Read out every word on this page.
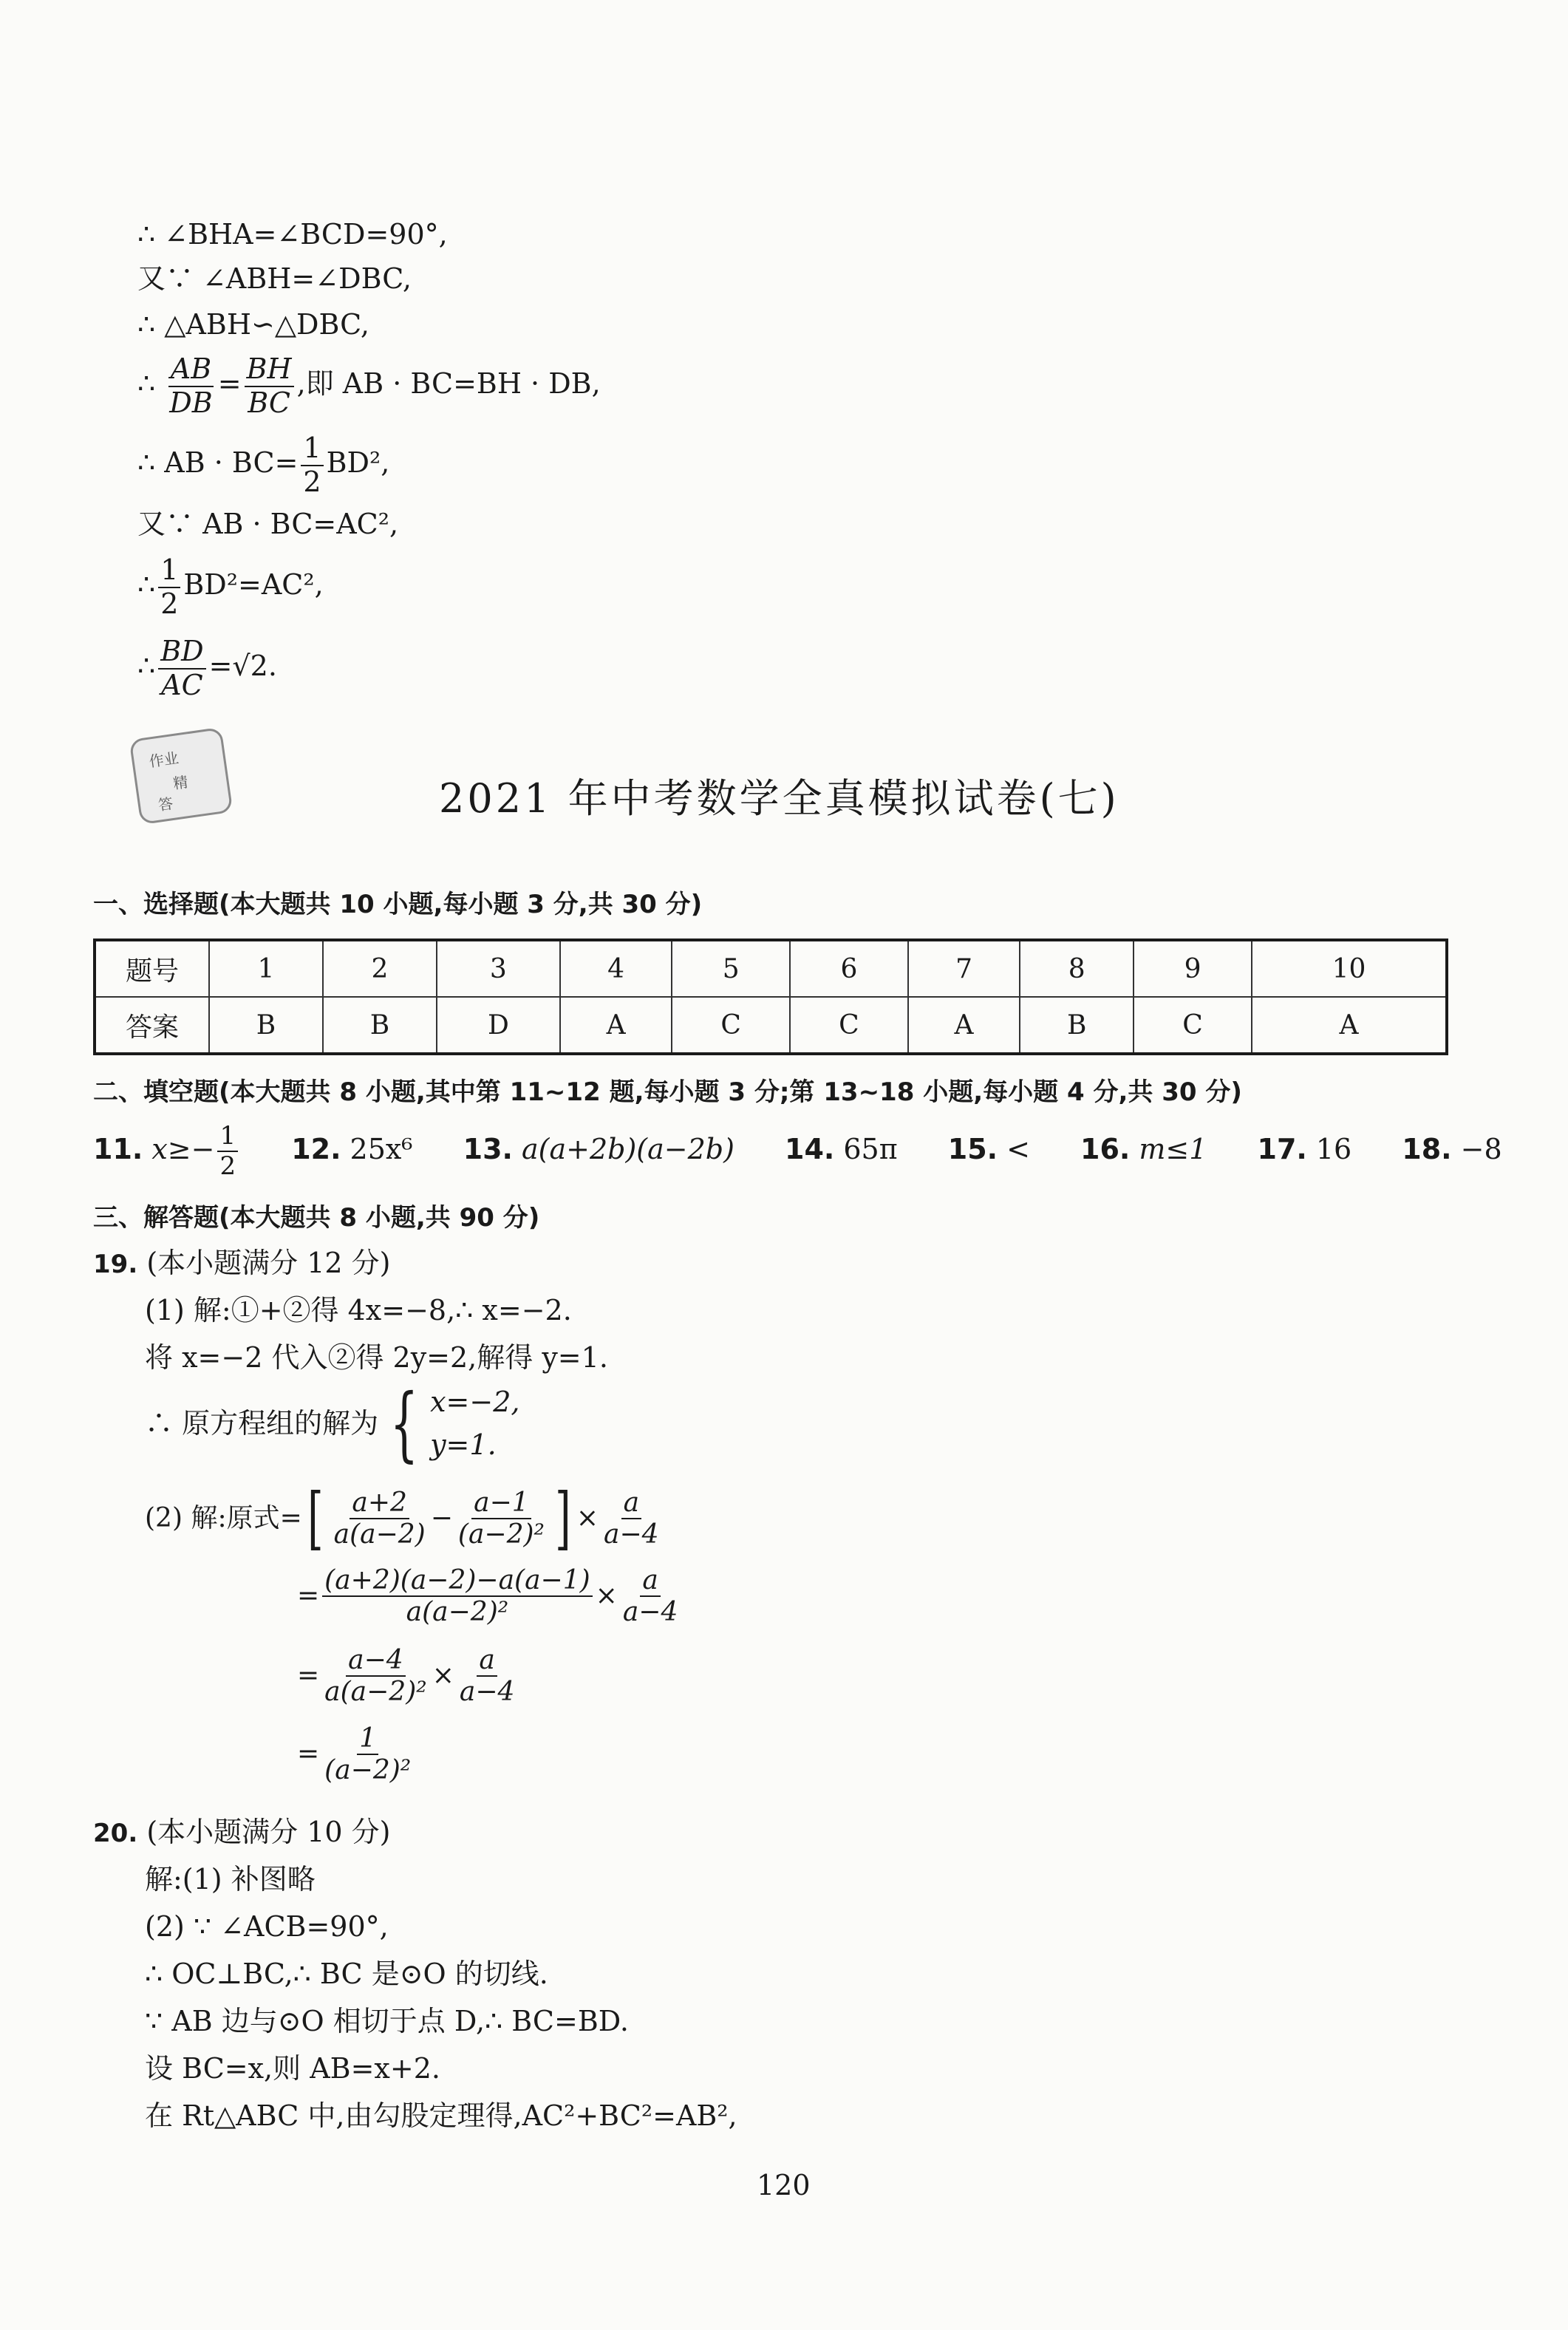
∴ ∠BHA=∠BCD=90°,
又∵ ∠ABH=∠DBC,
∴ △ABH∽△DBC,
∴ $\frac{AB}{DB} = \frac{BH}{BC}$ ,即 AB · BC=BH · DB,
∴ AB · $BC= \frac{1}{2} BD^2$,
又∵ AB · BC=AC²,
∴ $\frac{1}{2} BD^2=AC^2$,
∴ $\frac{BD}{AC} =√2$.
作业
精
答	2021 年中考数学全真模拟试卷(七)
一、选择题(本大题共 10 小题,每小题 3 分,共 30 分)
题号	1	2	3	4	5	6	7	8	9	10
答案	B	B	D	A	C	C	A	B	C	A
二、填空题(本大题共 8 小题,其中第 11~12 题,每小题 3 分;第 13~18 小题,每小题 4 分,共 30 分)
11. $x\ge- \frac{1}{2} 12$. 25x⁶ 13. a(a+2b)(a−2b) 14. 65π 15. < 16. m≤1 17. 16 18. −8
三、解答题(本大题共 8 小题,共 90 分)
19. (本小题满分 12 分)
(1) 解:①+②得 4x=−8,∴ x=−2.
将 x=−2 代入②得 2y=2,解得 y=1.
∴ 原方程组的解为 { x=−2,
y=1.
(2) 解:原式= [ $\frac{a+2}{a(a-2)} - \frac{a-1}{\text{(a−2)²}}$ ] × $\frac{a}{a-4}$
= $\frac{(a+2)(a-2)-a(a-1)}{\text{a(a−2)²}} \times \frac{a}{a-4}$
= $\frac{a-4}{\text{a(a−2)²}} \times \frac{a}{a-4}$
= $\frac{1}{\text{(a−2)²}}$
20. (本小题满分 10 分)
解:(1) 补图略
(2) ∵ ∠ACB=90°,
∴ OC⊥BC,∴ BC 是⊙O 的切线.
∵ AB 边与⊙O 相切于点 D,∴ BC=BD.
设 BC=x,则 AB=x+2.
在 Rt△ABC 中,由勾股定理得,AC²+BC²=AB²,
120
